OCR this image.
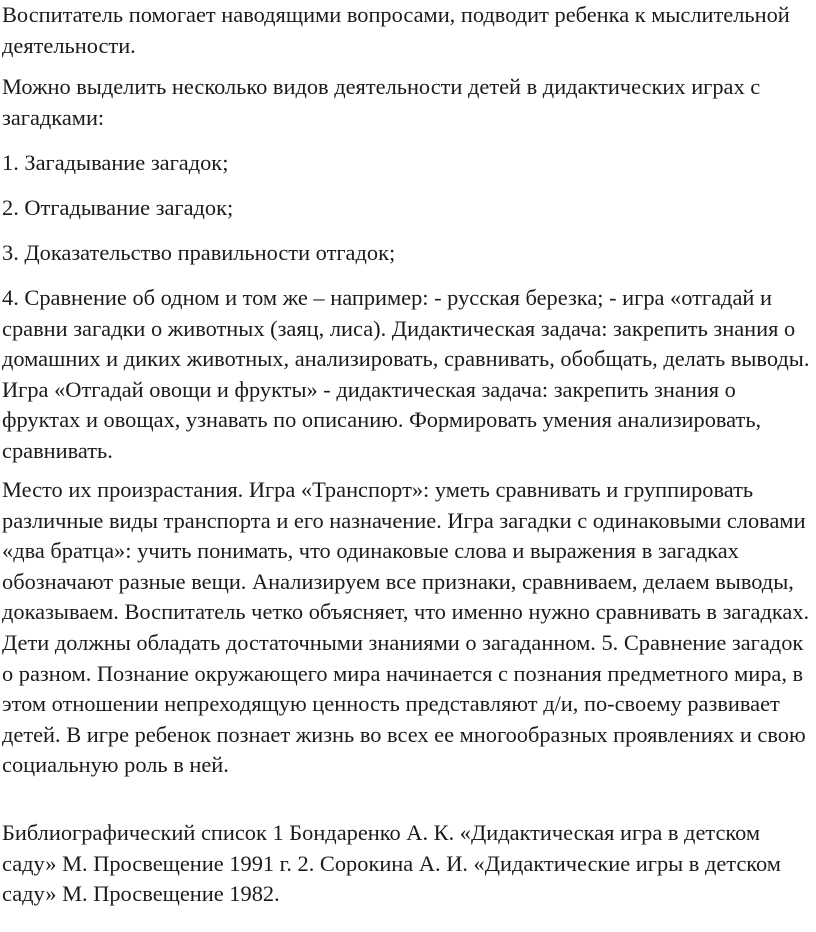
Воспитатель помогает наводящими вопросами, подводит ребенка к мыслительной деятельности.

Можно выделить несколько видов деятельности детей в дидактических играх с загадками:

1. Загадывание загадок;

2. Отгадывание загадок;

3. Доказательство правильности отгадок;

4. Сравнение об одном и том же – например: - русская березка; - игра «отгадай и сравни загадки о животных (заяц, лиса). Дидактическая задача: закрепить знания о домашних и диких животных, анализировать, сравнивать, обобщать, делать выводы. Игра «Отгадай овощи и фрукты» - дидактическая задача: закрепить знания о фруктах и овощах, узнавать по описанию. Формировать умения анализировать, сравнивать.

Место их произрастания. Игра «Транспорт»: уметь сравнивать и группировать различные виды транспорта и его назначение. Игра загадки с одинаковыми словами «два братца»: учить понимать, что одинаковые слова и выражения в загадках обозначают разные вещи. Анализируем все признаки, сравниваем, делаем выводы, доказываем. Воспитатель четко объясняет, что именно нужно сравнивать в загадках. Дети должны обладать достаточными знаниями о загаданном. 5. Сравнение загадок о разном. Познание окружающего мира начинается с познания предметного мира, в этом отношении непреходящую ценность представляют д/и, по-своему развивает детей. В игре ребенок познает жизнь во всех ее многообразных проявлениях и свою социальную роль в ней.

Библиографический список 1 Бондаренко А. К. «Дидактическая игра в детском саду» М. Просвещение 1991 г. 2. Сорокина А. И. «Дидактические игры в детском саду» М. Просвещение 1982.
